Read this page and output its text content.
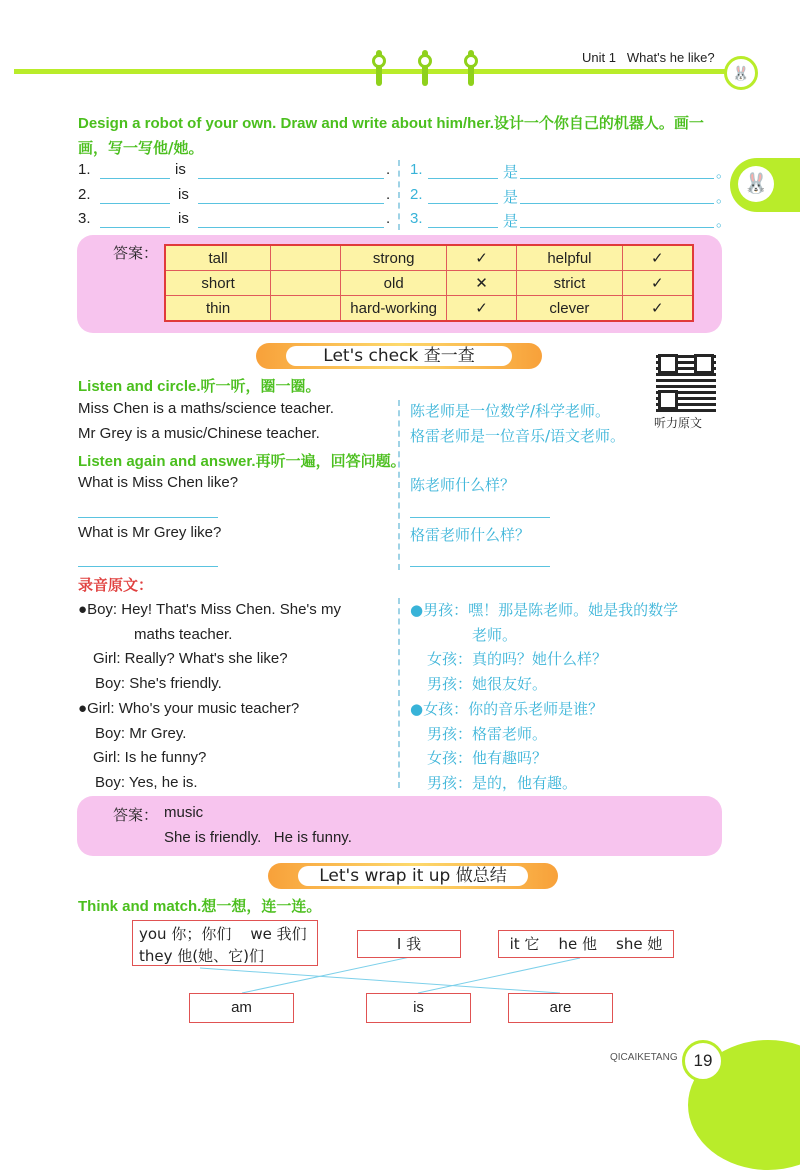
Unit 1 What's he like?
🐰
🐰
Design a robot of your own. Draw and write about him/her.设计一个你自己的机器人。画一画，写一写他/她。
1.	is	.
2.	is	.
3.	is	.
1.	是	。
2.	是	。
3.	是	。
答案：	tall		strong	✓	helpful	✓
short		old	✕	strict	✓
thin		hard-working	✓	clever	✓
Let's check 查一查
听力原文
Listen and circle.听一听，圈一圈。
Miss Chen is a maths/science teacher.	陈老师是一位数学/科学老师。
Mr Grey is a music/Chinese teacher.	格雷老师是一位音乐/语文老师。
Listen again and answer.再听一遍，回答问题。
What is Miss Chen like?	陈老师什么样？
What is Mr Grey like?	格雷老师什么样？
录音原文：
●Boy: Hey! That's Miss Chen. She's my
maths teacher.
Girl: Really? What's she like?
Boy: She's friendly.
●Girl: Who's your music teacher?
Boy: Mr Grey.
Girl: Is he funny?
Boy: Yes, he is.
●男孩：嘿！那是陈老师。她是我的数学
老师。
女孩：真的吗？她什么样？
男孩：她很友好。
●女孩：你的音乐老师是谁？
男孩：格雷老师。
女孩：他有趣吗？
男孩：是的，他有趣。
答案： music
She is friendly.   He is funny.
Let's wrap it up 做总结
Think and match.想一想，连一连。
you 你；你们    we 我们
they 他(她、它)们
I 我	it 它    he 他    she 她
am	is	are
QICAIKETANG 19
